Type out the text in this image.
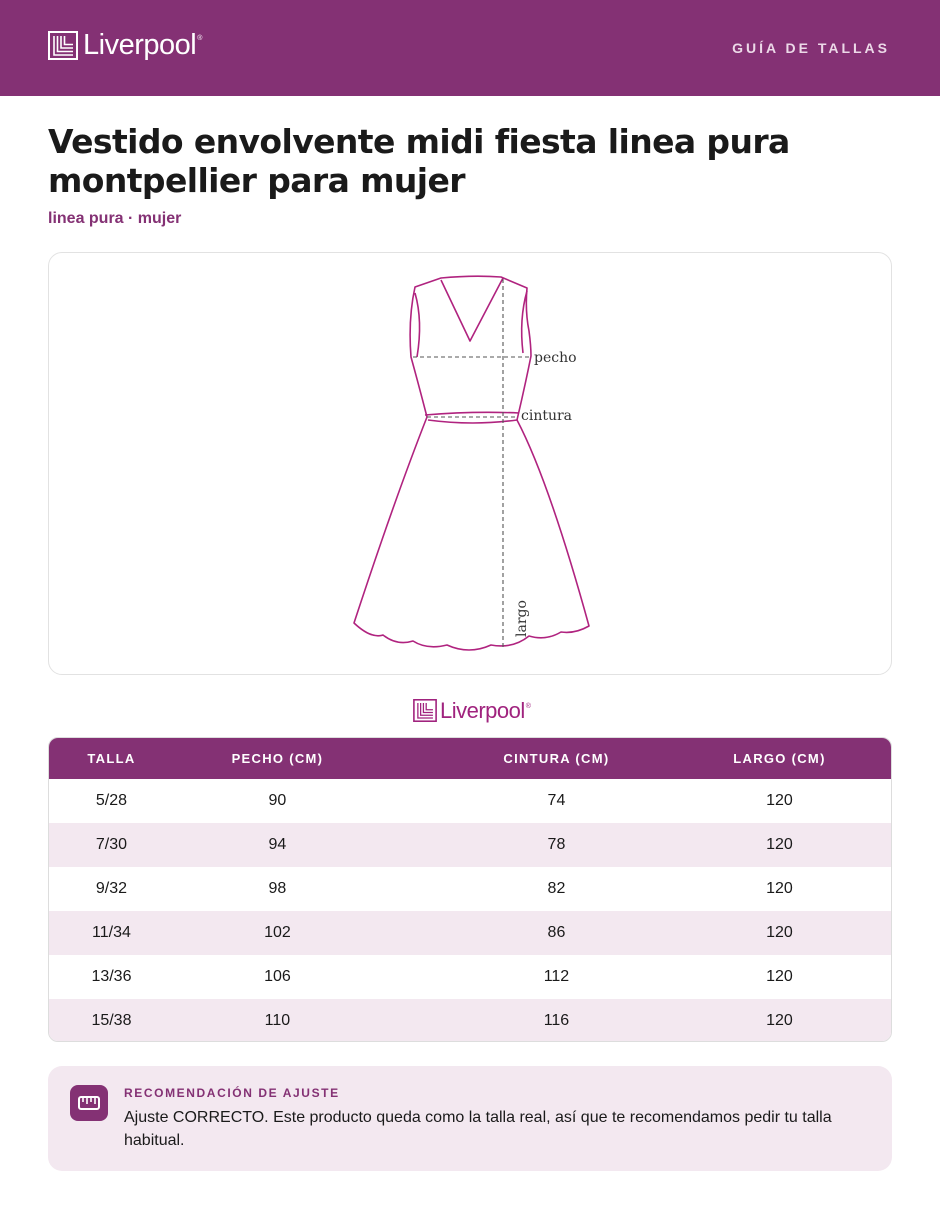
Liverpool ®
GUÍA DE TALLAS
Vestido envolvente midi fiesta linea pura montpellier para mujer
linea pura · mujer
pecho
cintura
largo
Liverpool ®
TALLA	PECHO (CM)	CINTURA (CM)	LARGO (CM)
5/28	90	74	120
7/30	94	78	120
9/32	98	82	120
11/34	102	86	120
13/36	106	112	120
15/38	110	116	120
RECOMENDACIÓN DE AJUSTE
Ajuste CORRECTO. Este producto queda como la talla real, así que te recomendamos pedir tu talla habitual.
